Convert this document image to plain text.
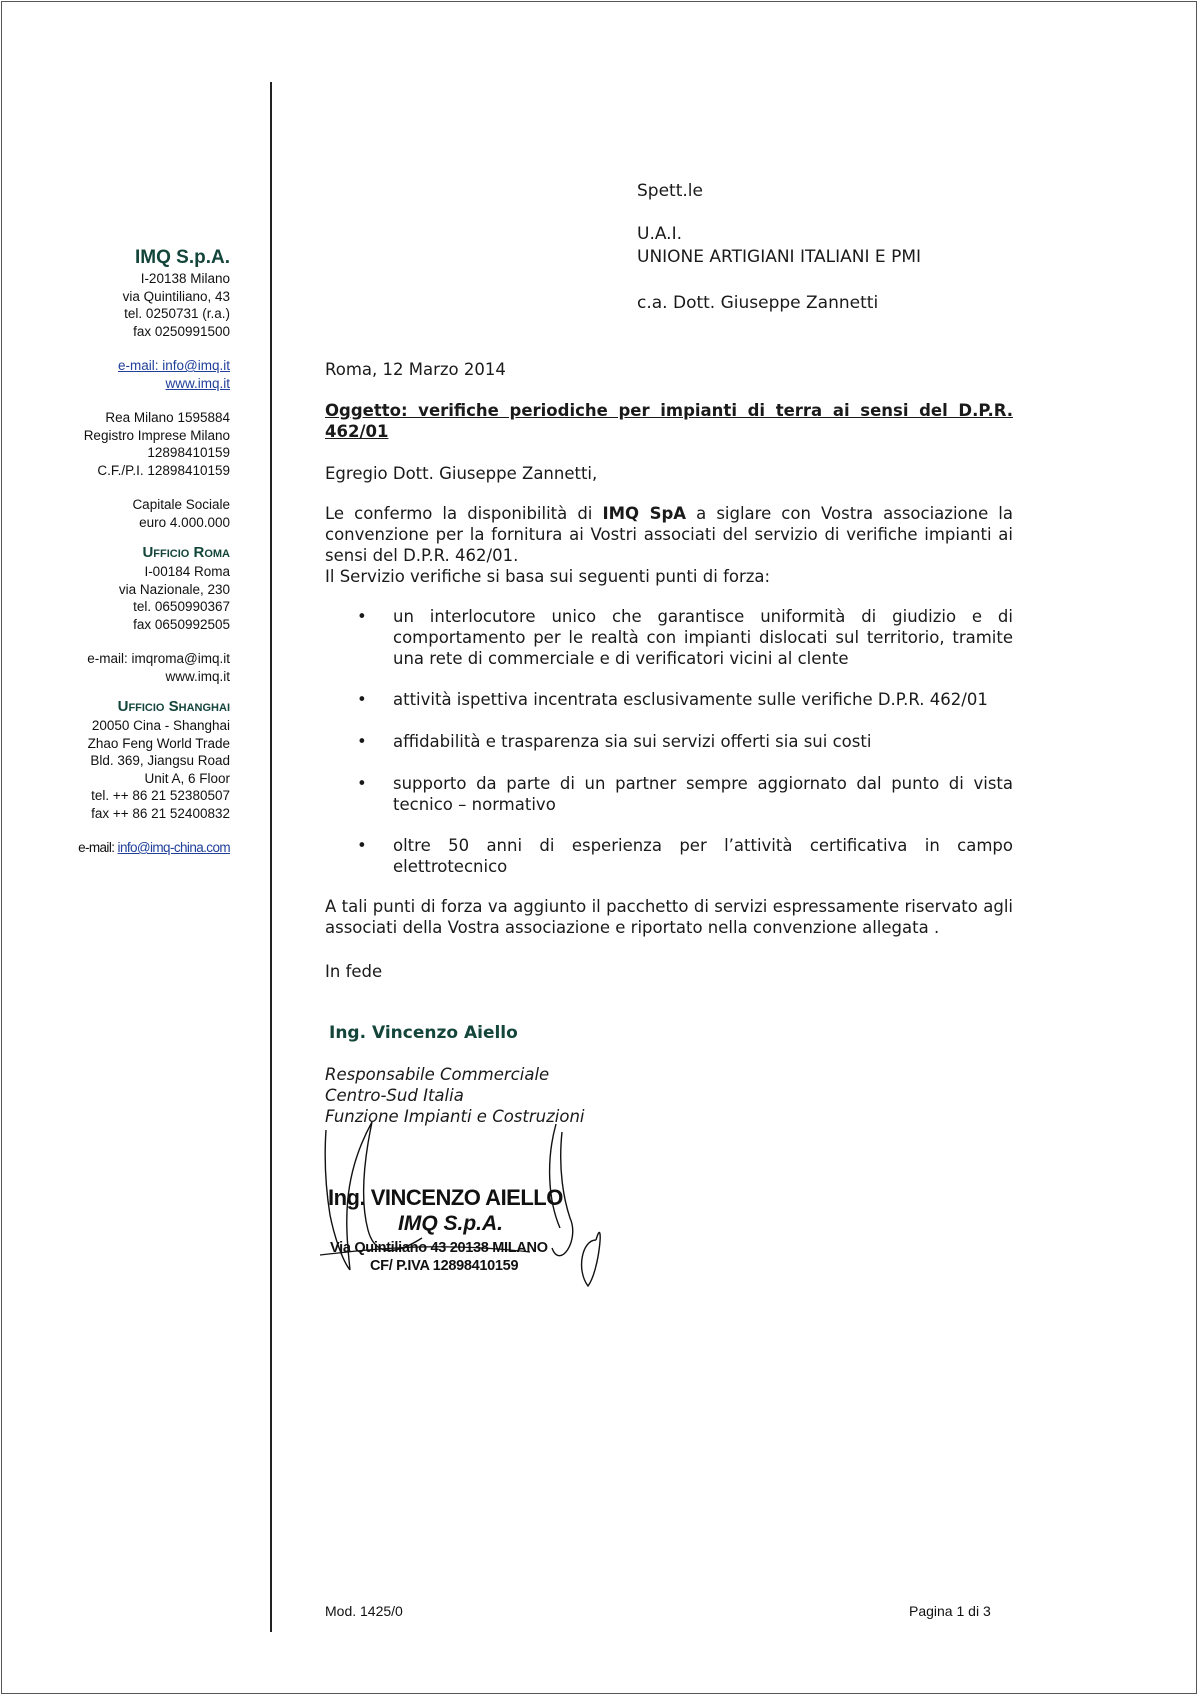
IMQ S.p.A.
I-20138 Milano
via Quintiliano, 43
tel. 0250731 (r.a.)
fax 0250991500
e-mail: info@imq.it
www.imq.it
Rea Milano 1595884
Registro Imprese Milano
12898410159
C.F./P.I. 12898410159
Capitale Sociale
euro 4.000.000
Ufficio Roma
I-00184 Roma
via Nazionale, 230
tel. 0650990367
fax 0650992505
e-mail: imqroma@imq.it
www.imq.it
Ufficio Shanghai
20050 Cina - Shanghai
Zhao Feng World Trade
Bld. 369, Jiangsu Road
Unit A, 6 Floor
tel. ++ 86 21 52380507
fax ++ 86 21 52400832
e-mail: info@imq-china.com
Spett.le
U.A.I.
UNIONE ARTIGIANI ITALIANI E PMI
c.a. Dott. Giuseppe Zannetti
Roma, 12 Marzo 2014
Oggetto: verifiche periodiche per impianti di terra ai sensi del D.P.R.
462/01
Egregio Dott. Giuseppe Zannetti,
Le confermo la disponibilità di IMQ SpA a siglare con Vostra associazione la convenzione per la fornitura ai Vostri associati del servizio di verifiche impianti ai sensi del D.P.R. 462/01.
Il Servizio verifiche si basa sui seguenti punti di forza:
• un interlocutore unico che garantisce uniformità di giudizio e di comportamento per le realtà con impianti dislocati sul territorio, tramite una rete di commerciale e di verificatori vicini al clente
• attività ispettiva incentrata esclusivamente sulle verifiche D.P.R. 462/01
• affidabilità e trasparenza sia sui servizi offerti sia sui costi
• supporto da parte di un partner sempre aggiornato dal punto di vista tecnico – normativo
• oltre 50 anni di esperienza per l’attività certificativa in campo elettrotecnico
A tali punti di forza va aggiunto il pacchetto di servizi espressamente riservato agli associati della Vostra associazione e riportato nella convenzione allegata .
In fede
Ing. Vincenzo Aiello
Responsabile Commerciale
Centro-Sud Italia
Funzione Impianti e Costruzioni
Ing. VINCENZO AIELLO
IMQ S.p.A.
Via Quintiliano 43 20138 MILANO
CF/ P.IVA 12898410159
Mod. 1425/0	Pagina 1 di 3
